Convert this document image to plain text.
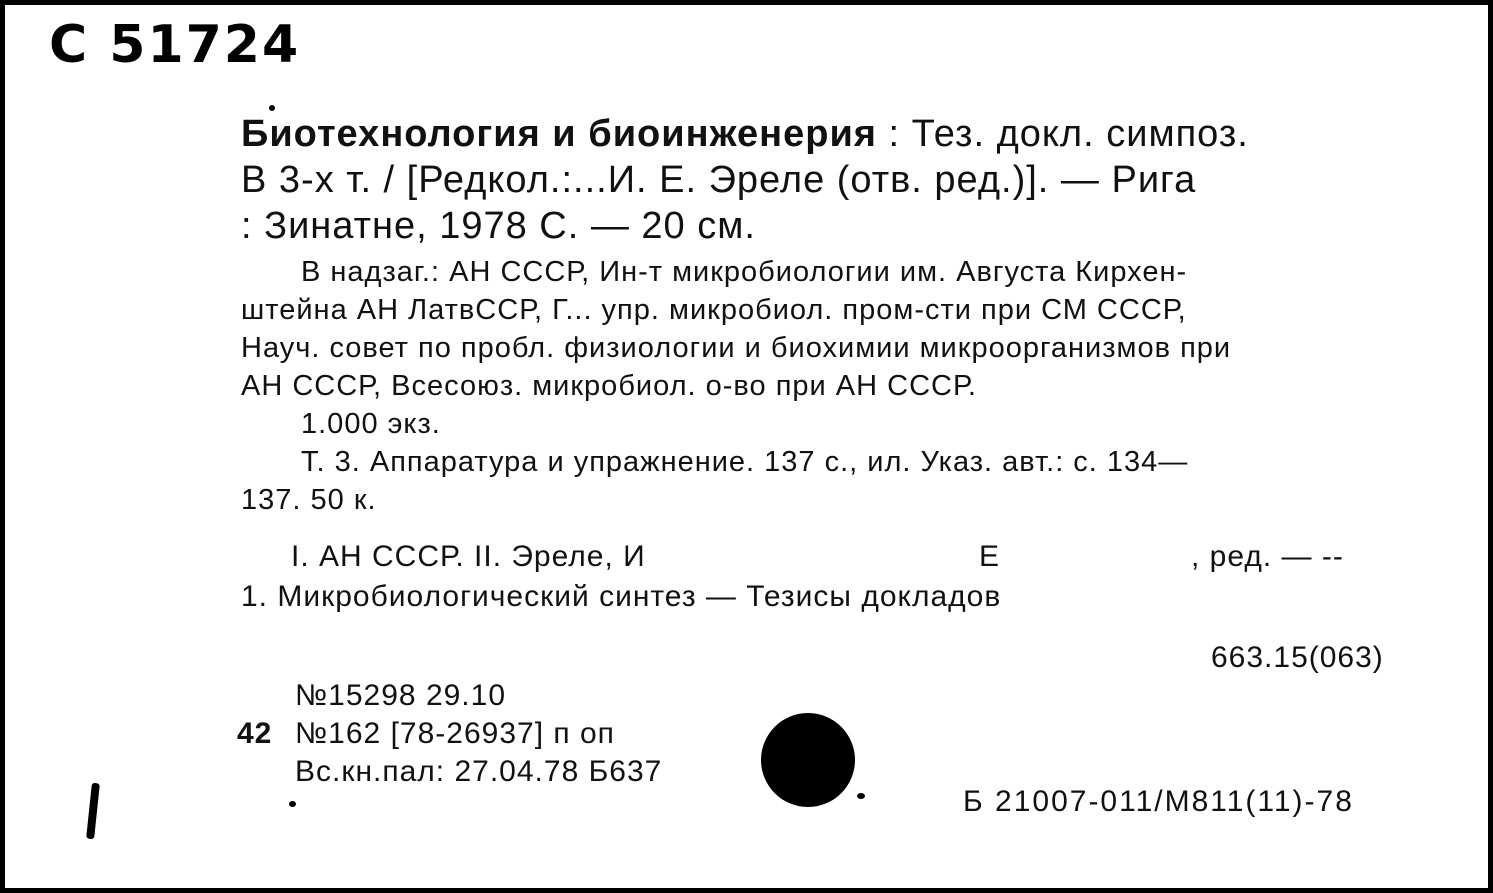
C 51724
Биотехнология и биоинженерия : Тез. докл. симпоз.
В 3-х т. / [Редкол.:...И. Е. Эреле (отв. ред.)]. — Рига
: Зинатне, 1978 С. — 20 см.
В надзаг.: АН СССР, Ин-т микробиологии им. Августа Кирхен-
штейна АН ЛатвССР, Г... упр. микробиол. пром-сти при СМ СССР,
Науч. совет по пробл. физиологии и биохимии микроорганизмов при
АН СССР, Всесоюз. микробиол. о-во при АН СССР.
1.000 экз.
Т. 3. Аппаратура и упражнение. 137 с., ил. Указ. авт.: с. 134—
137. 50 к.
I. АН СССР. II. Эреле, И	Е	, ред. — --
1. Микробиологический синтез — Тезисы докладов
663.15(063)
№15298 29.10
42 №162 [78-26937] п оп
Вс.кн.пал: 27.04.78 Б637
Б 21007-011/М811(11)-78
